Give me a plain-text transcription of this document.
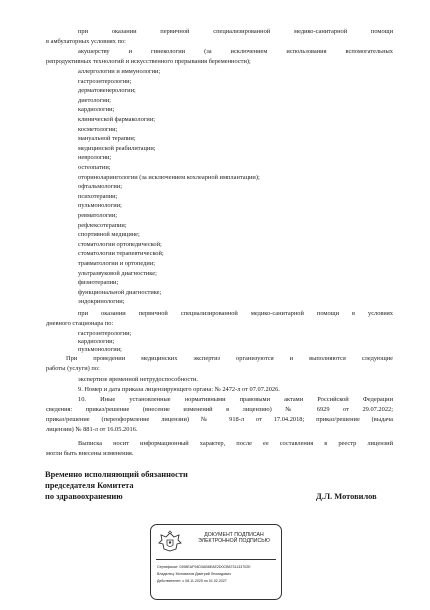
при оказании первичной специализированной медико-санитарной помощи
в амбулаторных условиях по:
акушерству и гинекологии (за исключением использования вспомогательных
репродуктивных технологий и искусственного прерывания беременности);
аллергологии и иммунологии;
гастроэнтерологии;
дерматовенерологии;
диетологии;
кардиологии;
клинической фармакологии;
косметологии;
мануальной терапии;
медицинской реабилитации;
неврологии;
остеопатии;
оториноларингологии (за исключением кохлеарной имплантации);
офтальмологии;
психотерапии;
пульмонологии;
ревматологии;
рефлексотерапии;
спортивной медицине;
стоматологии ортопедической;
стоматологии терапевтической;
травматологии и ортопедии;
ультразвуковой диагностике;
физиотерапии;
функциональной диагностике;
эндокринологии;
при оказании первичной специализированной медико-санитарной помощи в условиях
дневного стационара по:
гастроэнтерологии;
кардиологии;
пульмонологии;
При проведении медицинских экспертиз организуются и выполняются следующие
работы (услуги) по:
экспертизе временной нетрудоспособности.
9. Номер и дата приказа лицензирующего органа: № 2472-л от 07.07.2026.
10. Иные установленные нормативными правовыми актами Российской Федерации
сведения: приказ/решение (внесение изменений в лицензию) № 6929 от 29.07.2022;
приказ/решение (переоформление лицензии) № 918-л от 17.04.2018; приказ/решение (выдача
лицензии) № 881-л от 16.05.2016.
Выписка носит информационный характер, после ее составления в реестр лицензий
могли быть внесены изменения.
Временно исполняющий обязанности
председателя Комитета
по здравоохранению	Д.Л. Мотовилов
ДОКУМЕНТ ПОДПИСАН
ЭЛЕКТРОННОЙ ПОДПИСЬЮ
Сертификат: 0398EAF94D3AB8EAE2D0CB8731133702E
Владелец: Мотовилов Дмитрий Леонидович
Действителен: с 08.11.2025 по 01.02.2027
